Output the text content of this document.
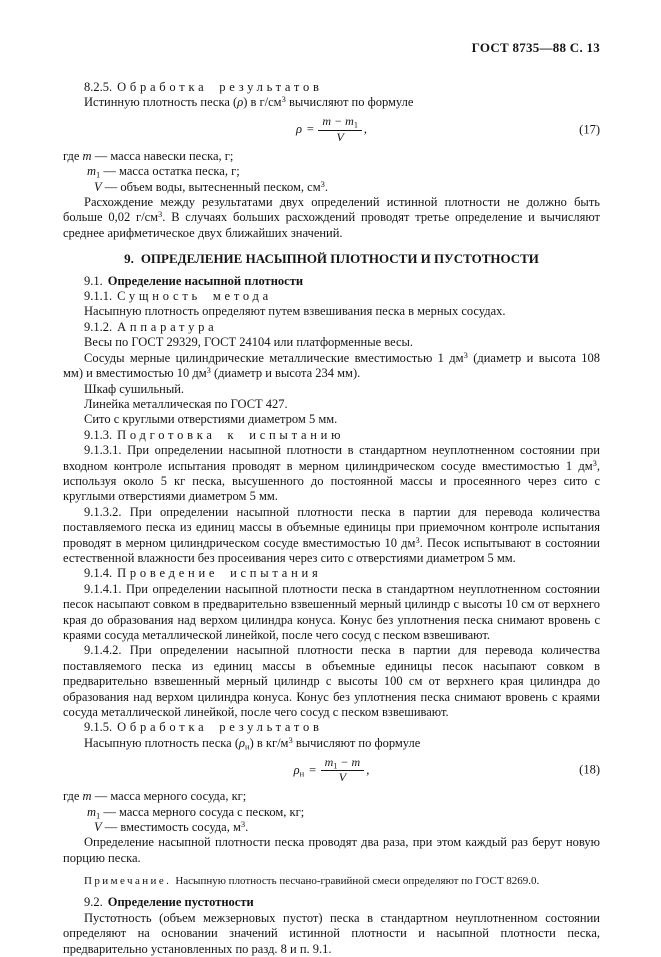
ГОСТ 8735—88 С. 13
8.2.5. Обработка результатов
Истинную плотность песка (ρ) в $г/см^3$ вычисляют по формуле
$\rho = \frac{m - m_1}{V}$ ,	(17)
где m — масса навески песка, г;
$m_1$ — масса остатка песка, г;
V — объем воды, вытесненный песком, $см^3$.
Расхождение между результатами двух определений истинной плотности не должно быть больше 0,02 $г/см^3$. В случаях больших расхождений проводят третье определение и вычисляют среднее арифметическое двух ближайших значений.
9. ОПРЕДЕЛЕНИЕ НАСЫПНОЙ ПЛОТНОСТИ И ПУСТОТНОСТИ
9.1. Определение насыпной плотности
9.1.1. Сущность метода
Насыпную плотность определяют путем взвешивания песка в мерных сосудах.
9.1.2. Аппаратура
Весы по ГОСТ 29329, ГОСТ 24104 или платформенные весы.
Сосуды мерные цилиндрические металлические вместимостью 1 $дм^3$ (диаметр и высота 108 мм) и вместимостью 10 $дм^3$ (диаметр и высота 234 мм).
Шкаф сушильный.
Линейка металлическая по ГОСТ 427.
Сито с круглыми отверстиями диаметром 5 мм.
9.1.3. Подготовка к испытанию
9.1.3.1. При определении насыпной плотности в стандартном неуплотненном состоянии при входном контроле испытания проводят в мерном цилиндрическом сосуде вместимостью 1 $дм^3$, используя около 5 кг песка, высушенного до постоянной массы и просеянного через сито с круглыми отверстиями диаметром 5 мм.
9.1.3.2. При определении насыпной плотности песка в партии для перевода количества поставляемого песка из единиц массы в объемные единицы при приемочном контроле испытания проводят в мерном цилиндрическом сосуде вместимостью 10 $дм^3$. Песок испытывают в состоянии естественной влажности без просеивания через сито с отверстиями диаметром 5 мм.
9.1.4. Проведение испытания
9.1.4.1. При определении насыпной плотности песка в стандартном неуплотненном состоянии песок насыпают совком в предварительно взвешенный мерный цилиндр с высоты 10 см от верхнего края до образования над верхом цилиндра конуса. Конус без уплотнения песка снимают вровень с краями сосуда металлической линейкой, после чего сосуд с песком взвешивают.
9.1.4.2. При определении насыпной плотности песка в партии для перевода количества поставляемого песка из единиц массы в объемные единицы песок насыпают совком в предварительно взвешенный мерный цилиндр с высоты 100 см от верхнего края цилиндра до образования над верхом цилиндра конуса. Конус без уплотнения песка снимают вровень с краями сосуда металлической линейкой, после чего сосуд с песком взвешивают.
9.1.5. Обработка результатов
Насыпную плотность песка $(\rho_н)$ в $кг/м^3$ вычисляют по формуле
$\rho_н = \frac{m_1 - m}{V}$ ,	(18)
где m — масса мерного сосуда, кг;
$m_1$ — масса мерного сосуда с песком, кг;
V — вместимость сосуда, $м^3$.
Определение насыпной плотности песка проводят два раза, при этом каждый раз берут новую порцию песка.
Примечание. Насыпную плотность песчано-гравийной смеси определяют по ГОСТ 8269.0.
9.2. Определение пустотности
Пустотность (объем межзерновых пустот) песка в стандартном неуплотненном состоянии определяют на основании значений истинной плотности и насыпной плотности песка, предварительно установленных по разд. 8 и п. 9.1.
